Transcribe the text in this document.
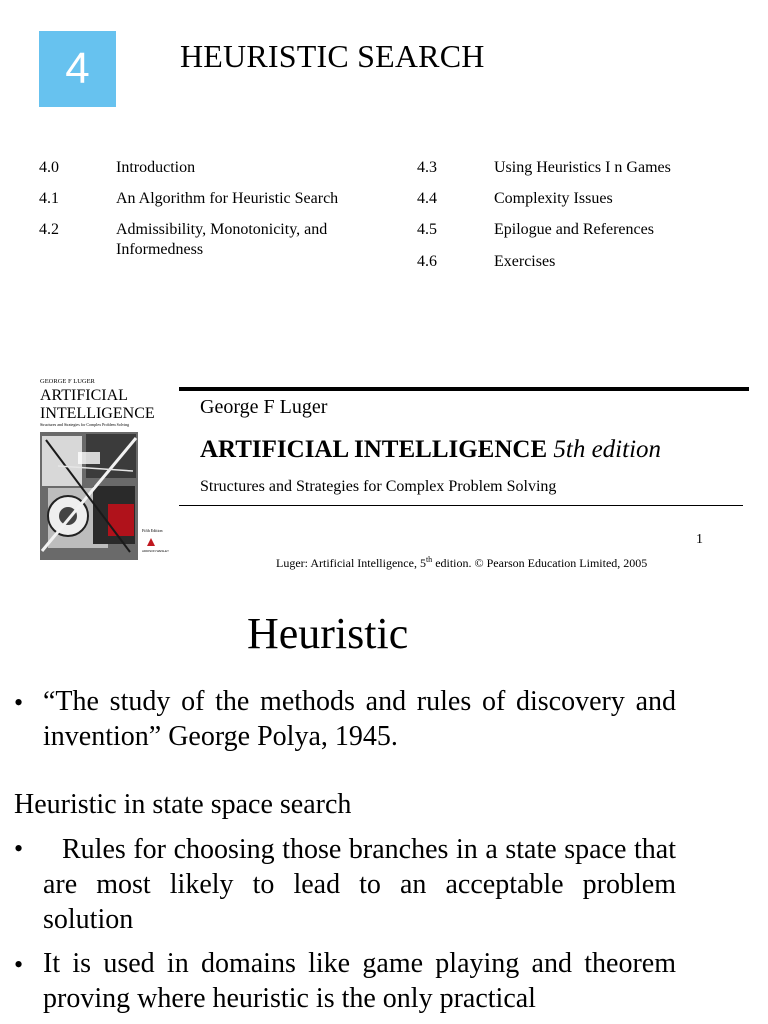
4	HEURISTIC SEARCH
4.0	Introduction
4.1	An Algorithm for Heuristic Search
4.2	Admissibility, Monotonicity, and Informedness
4.3	Using Heuristics I n Games
4.4	Complexity Issues
4.5	Epilogue and References
4.6	Exercises
GEORGE F LUGER
ARTIFICIAL
INTELLIGENCE
Structures and Strategies for Complex Problem Solving
Fifth Edition
ADDISON WESLEY
George F Luger
ARTIFICIAL INTELLIGENCE 5th edition
Structures and Strategies for Complex Problem Solving
1
Luger: Artificial Intelligence, 5th edition. © Pearson Education Limited, 2005
Heuristic
• “The study of the methods and rules of discovery and invention” George Polya, 1945.
Heuristic in state space search
•	Rules for choosing those branches in a state space that are most likely to lead to an acceptable problem solution
• It is used in domains like game playing and theorem proving where heuristic is the only practical
